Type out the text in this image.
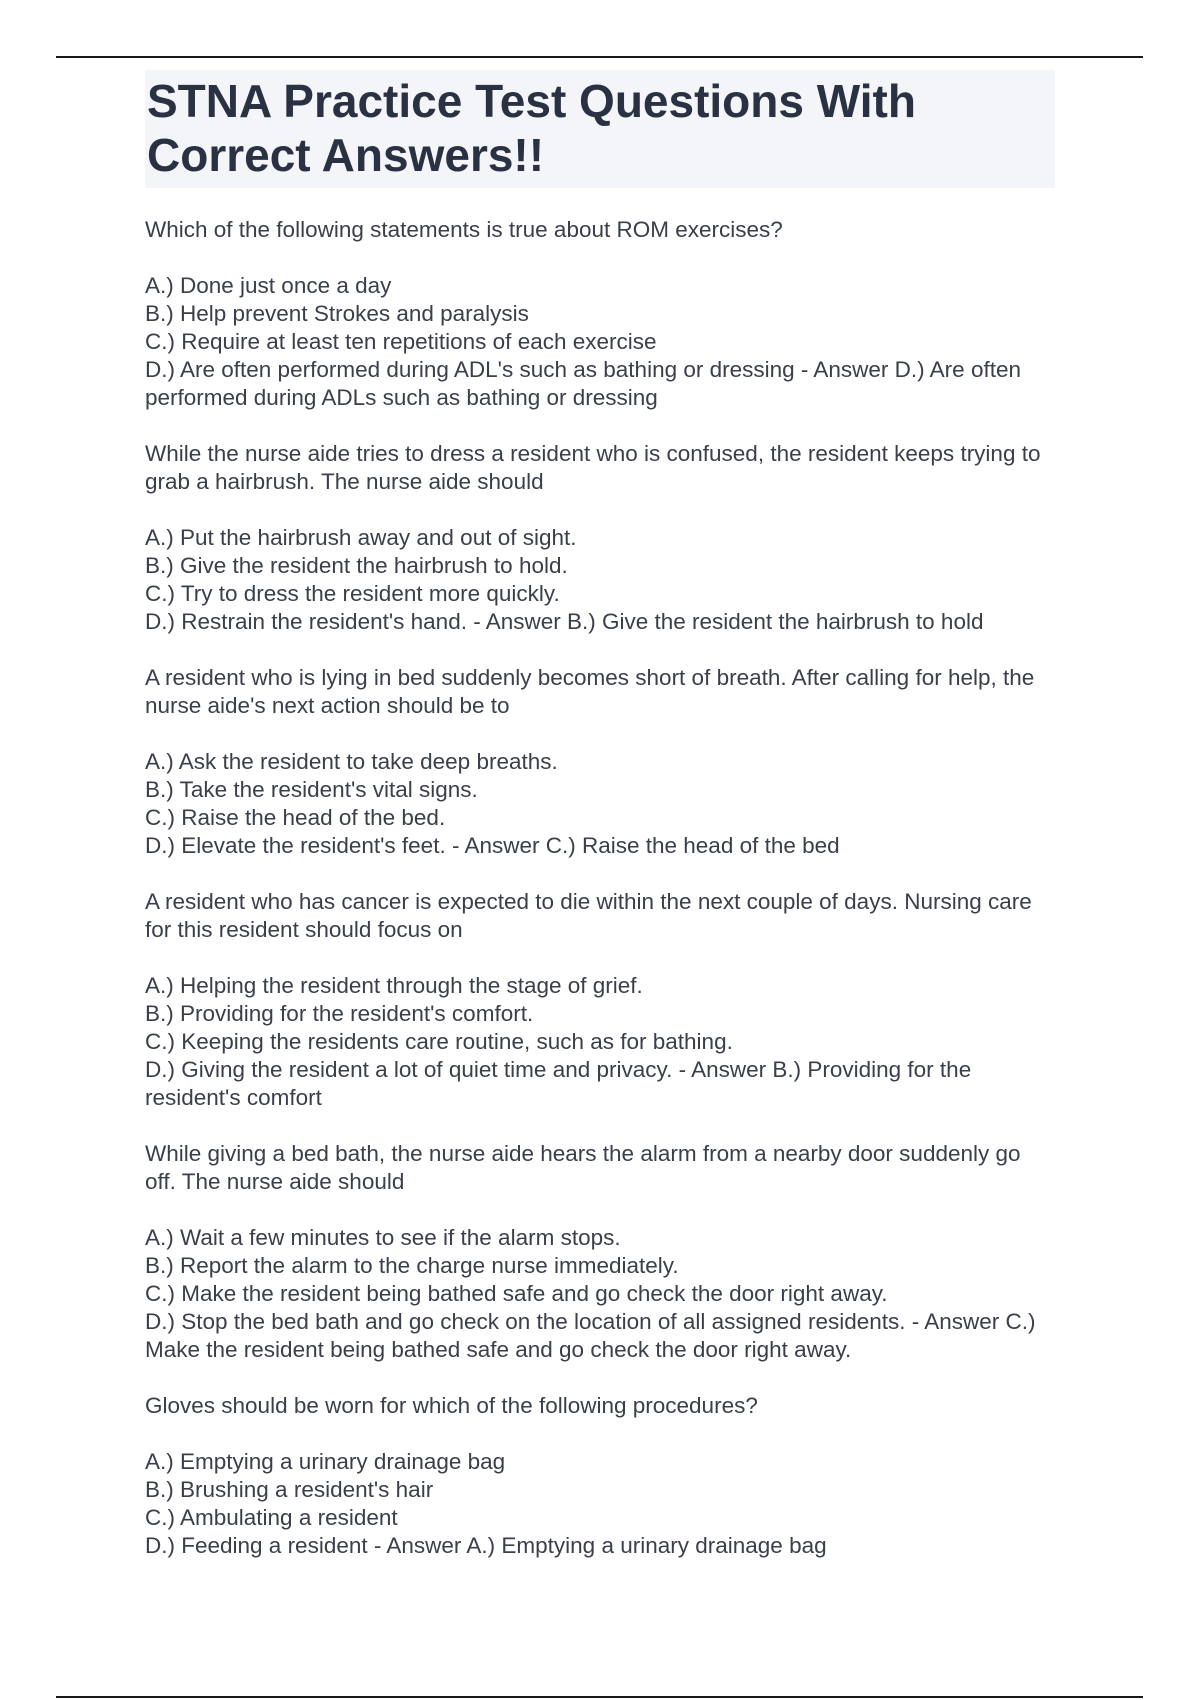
STNA Practice Test Questions With Correct Answers!!
Which of the following statements is true about ROM exercises?
A.) Done just once a day
B.) Help prevent Strokes and paralysis
C.) Require at least ten repetitions of each exercise
D.) Are often performed during ADL's such as bathing or dressing - Answer D.) Are often performed during ADLs such as bathing or dressing
While the nurse aide tries to dress a resident who is confused, the resident keeps trying to grab a hairbrush. The nurse aide should
A.) Put the hairbrush away and out of sight.
B.) Give the resident the hairbrush to hold.
C.) Try to dress the resident more quickly.
D.) Restrain the resident's hand. - Answer B.) Give the resident the hairbrush to hold
A resident who is lying in bed suddenly becomes short of breath. After calling for help, the nurse aide's next action should be to
A.) Ask the resident to take deep breaths.
B.) Take the resident's vital signs.
C.) Raise the head of the bed.
D.) Elevate the resident's feet. - Answer C.) Raise the head of the bed
A resident who has cancer is expected to die within the next couple of days. Nursing care for this resident should focus on
A.) Helping the resident through the stage of grief.
B.) Providing for the resident's comfort.
C.) Keeping the residents care routine, such as for bathing.
D.) Giving the resident a lot of quiet time and privacy. - Answer B.) Providing for the resident's comfort
While giving a bed bath, the nurse aide hears the alarm from a nearby door suddenly go off. The nurse aide should
A.) Wait a few minutes to see if the alarm stops.
B.) Report the alarm to the charge nurse immediately.
C.) Make the resident being bathed safe and go check the door right away.
D.) Stop the bed bath and go check on the location of all assigned residents. - Answer C.) Make the resident being bathed safe and go check the door right away.
Gloves should be worn for which of the following procedures?
A.) Emptying a urinary drainage bag
B.) Brushing a resident's hair
C.) Ambulating a resident
D.) Feeding a resident - Answer A.) Emptying a urinary drainage bag
